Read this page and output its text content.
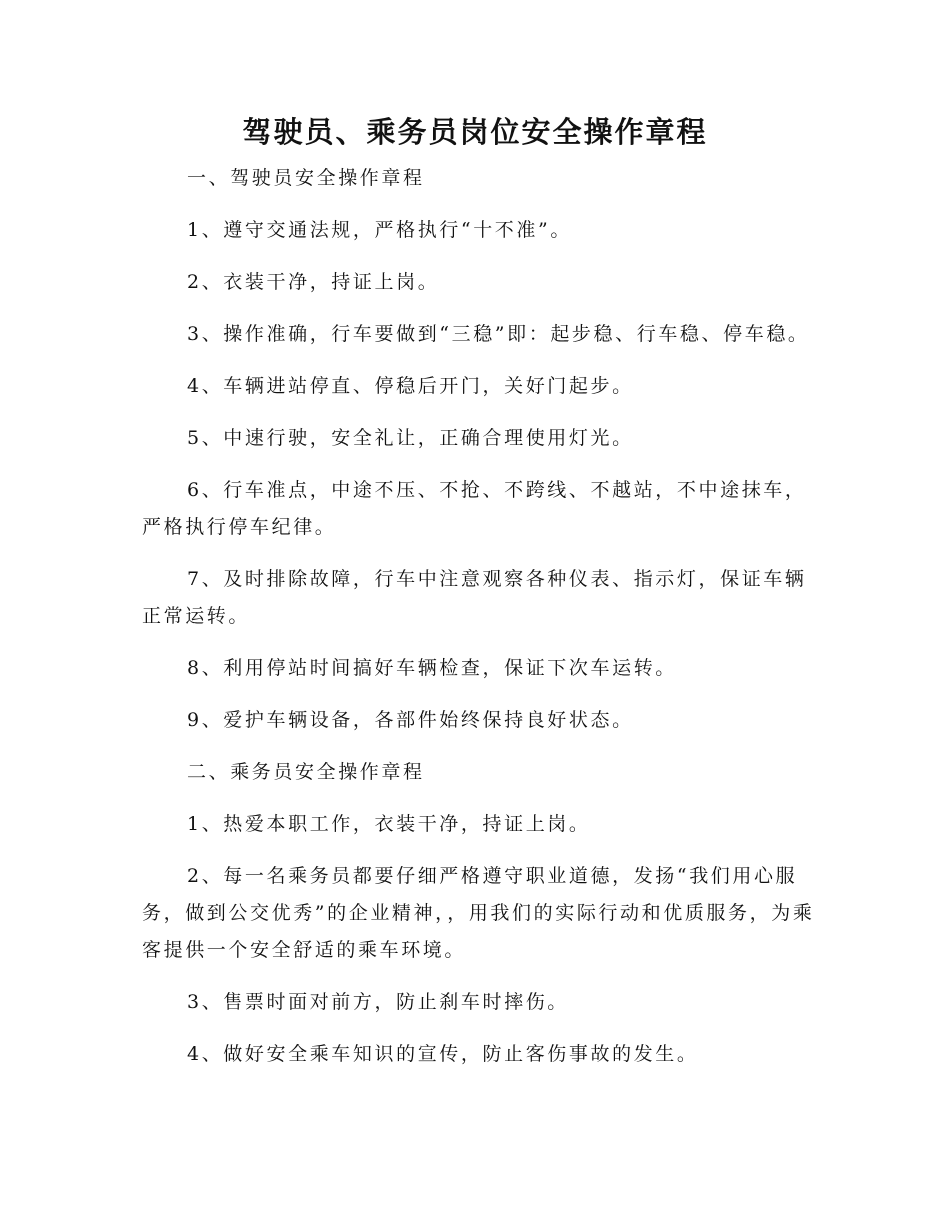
驾驶员、乘务员岗位安全操作章程

一、驾驶员安全操作章程

1、遵守交通法规，严格执行“十不准”。

2、衣装干净，持证上岗。

3、操作准确，行车要做到“三稳”即：起步稳、行车稳、停车稳。

4、车辆进站停直、停稳后开门，关好门起步。

5、中速行驶，安全礼让，正确合理使用灯光。

6、行车准点，中途不压、不抢、不跨线、不越站，不中途抹车，严格执行停车纪律。

7、及时排除故障，行车中注意观察各种仪表、指示灯，保证车辆正常运转。

8、利用停站时间搞好车辆检查，保证下次车运转。

9、爱护车辆设备，各部件始终保持良好状态。

二、乘务员安全操作章程

1、热爱本职工作，衣装干净，持证上岗。

2、每一名乘务员都要仔细严格遵守职业道德，发扬“我们用心服务，做到公交优秀”的企业精神，，用我们的实际行动和优质服务，为乘客提供一个安全舒适的乘车环境。

3、售票时面对前方，防止刹车时摔伤。

4、做好安全乘车知识的宣传，防止客伤事故的发生。
